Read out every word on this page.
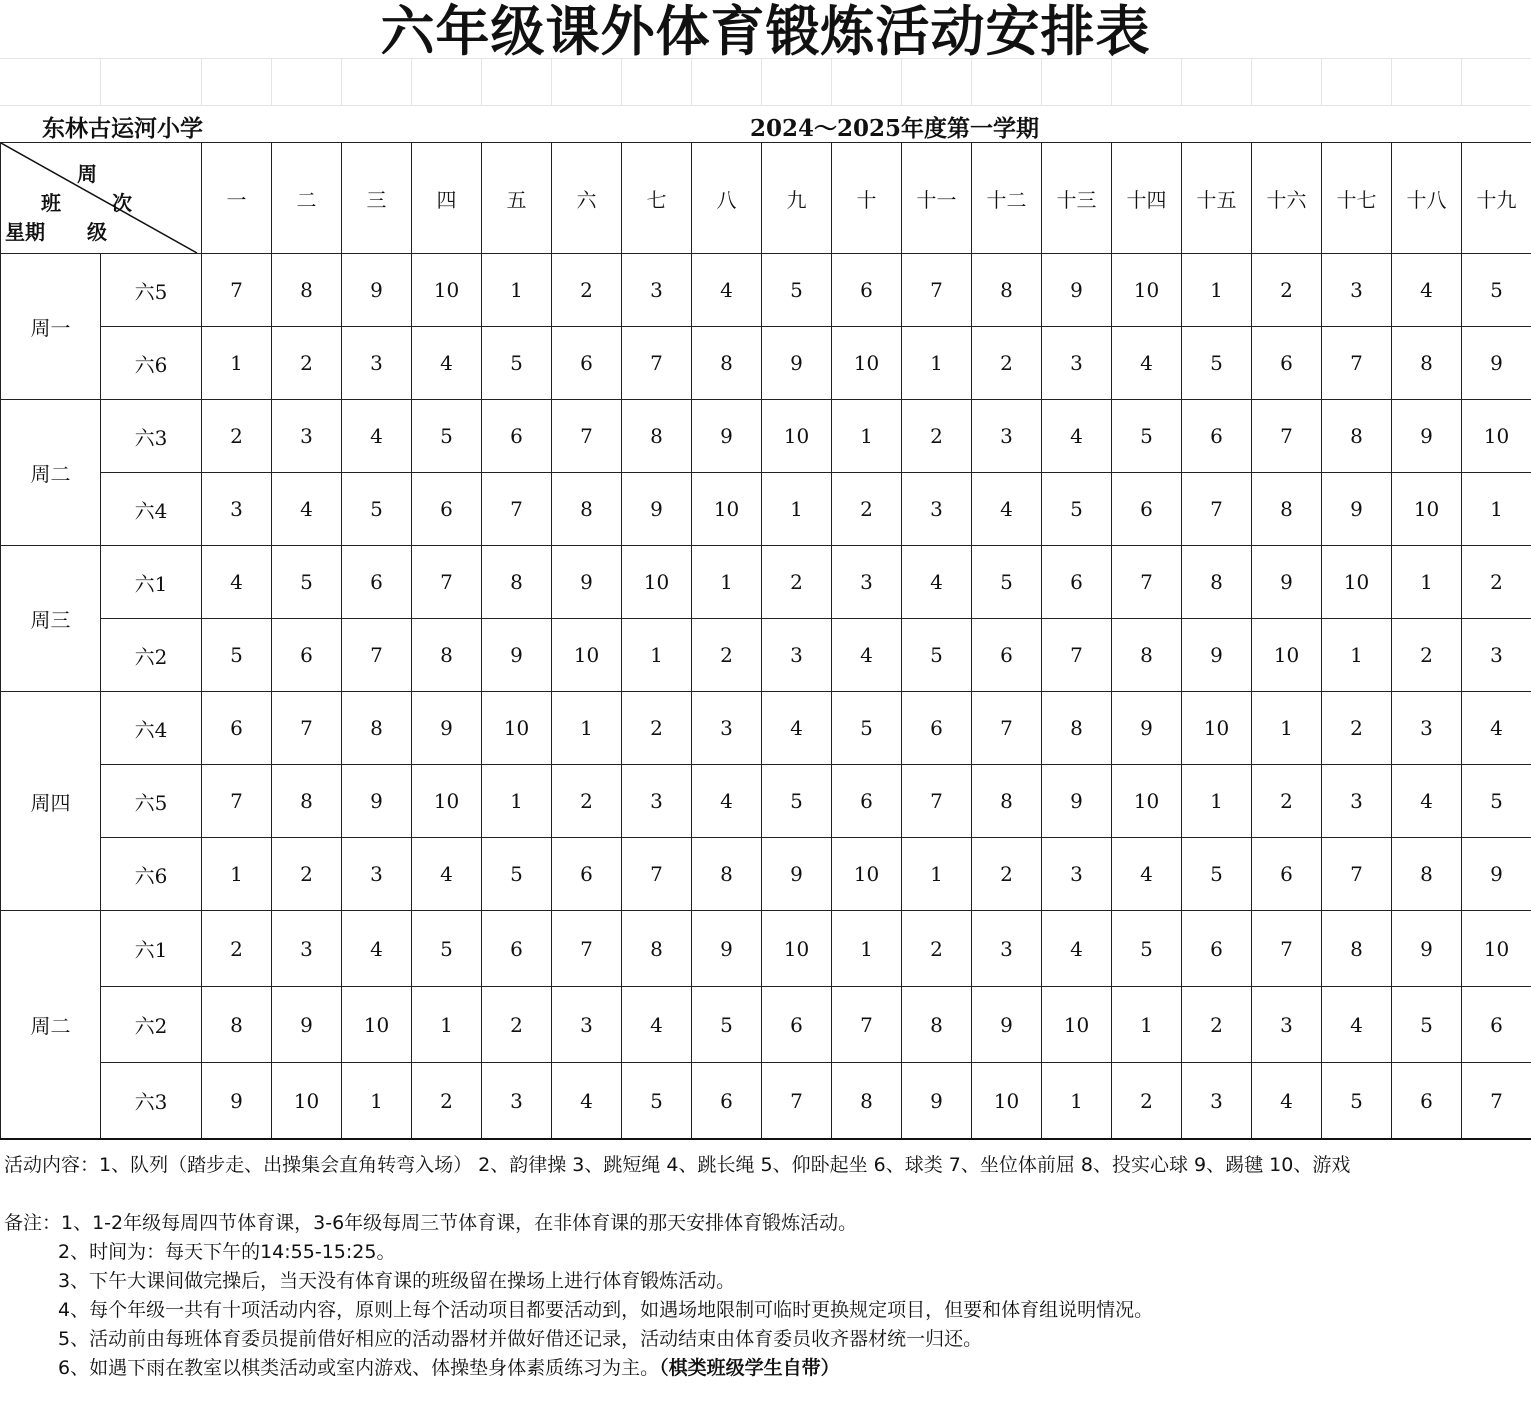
六年级课外体育锻炼活动安排表
东林古运河小学	2024～2025年度第一学期
周
班 次
星期 级		一	二	三	四	五	六	七	八	九	十	十一	十二	十三	十四	十五	十六	十七	十八	十九
周一	六5	7	8	9	10	1	2	3	4	5	6	7	8	9	10	1	2	3	4	5
	六6	1	2	3	4	5	6	7	8	9	10	1	2	3	4	5	6	7	8	9
周二	六3	2	3	4	5	6	7	8	9	10	1	2	3	4	5	6	7	8	9	10
	六4	3	4	5	6	7	8	9	10	1	2	3	4	5	6	7	8	9	10	1
周三	六1	4	5	6	7	8	9	10	1	2	3	4	5	6	7	8	9	10	1	2
	六2	5	6	7	8	9	10	1	2	3	4	5	6	7	8	9	10	1	2	3
周四	六4	6	7	8	9	10	1	2	3	4	5	6	7	8	9	10	1	2	3	4
	六5	7	8	9	10	1	2	3	4	5	6	7	8	9	10	1	2	3	4	5
	六6	1	2	3	4	5	6	7	8	9	10	1	2	3	4	5	6	7	8	9
周二	六1	2	3	4	5	6	7	8	9	10	1	2	3	4	5	6	7	8	9	10
	六2	8	9	10	1	2	3	4	5	6	7	8	9	10	1	2	3	4	5	6
	六3	9	10	1	2	3	4	5	6	7	8	9	10	1	2	3	4	5	6	7

活动内容：1、队列（踏步走、出操集会直角转弯入场） 2、韵律操 3、跳短绳 4、跳长绳 5、仰卧起坐 6、球类 7、坐位体前屈 8、投实心球 9、踢毽 10、游戏

备注：1、1-2年级每周四节体育课，3-6年级每周三节体育课，在非体育课的那天安排体育锻炼活动。

2、时间为：每天下午的14:55-15:25。

3、下午大课间做完操后，当天没有体育课的班级留在操场上进行体育锻炼活动。

4、每个年级一共有十项活动内容，原则上每个活动项目都要活动到，如遇场地限制可临时更换规定项目，但要和体育组说明情况。

5、活动前由每班体育委员提前借好相应的活动器材并做好借还记录，活动结束由体育委员收齐器材统一归还。

6、如遇下雨在教室以棋类活动或室内游戏、体操垫身体素质练习为主。（棋类班级学生自带）
